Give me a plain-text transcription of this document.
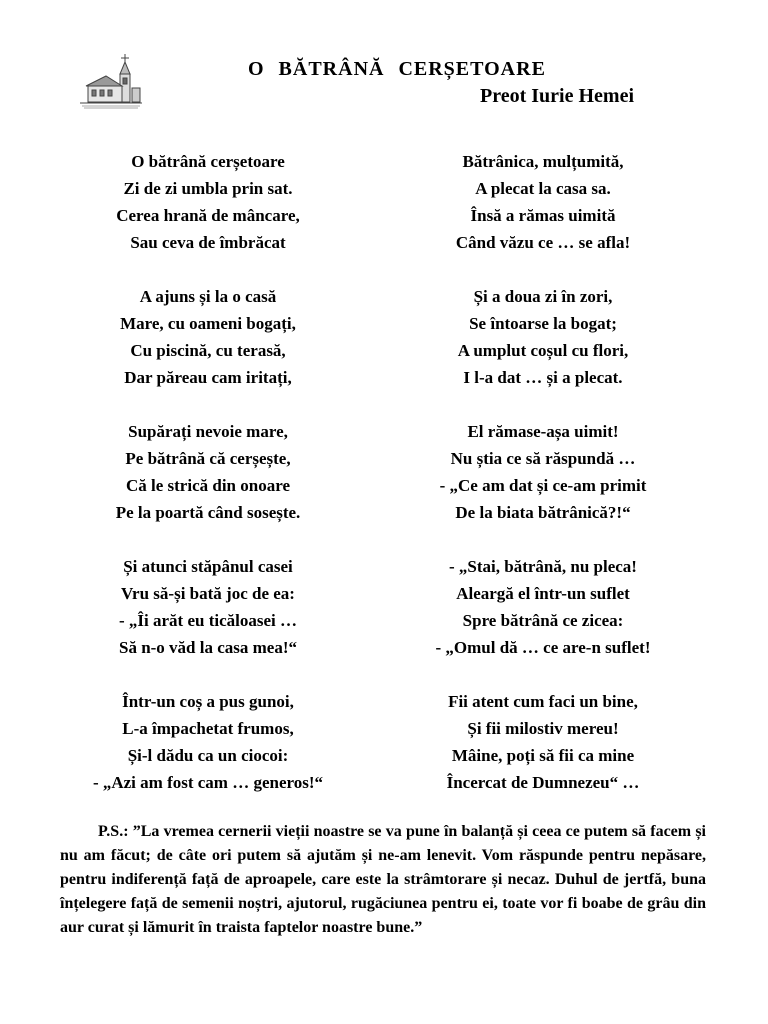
O BĂTRÂNĂ CERȘETOARE
Preot Iurie Hemei
O bătrână cerșetoare
Zi de zi umbla prin sat.
Cerea hrană de mâncare,
Sau ceva de îmbrăcat
A ajuns și la o casă
Mare, cu oameni bogați,
Cu piscină, cu terasă,
Dar păreau cam iritați,
Supărați nevoie mare,
Pe bătrână că cerșește,
Că le strică din onoare
Pe la poartă când sosește.
Și atunci stăpânul casei
Vru să-și bată joc de ea:
- „Îi arăt eu ticăloasei …
Să n-o văd la casa mea!“
Într-un coș a pus gunoi,
L-a împachetat frumos,
Și-l dădu ca un ciocoi:
- „Azi am fost cam … generos!“
Bătrânica, mulțumită,
A plecat la casa sa.
Însă a rămas uimită
Când văzu ce … se afla!
Și a doua zi în zori,
Se întoarse la bogat;
A umplut coșul cu flori,
I l-a dat … și a plecat.
El rămase-așa uimit!
Nu știa ce să răspundă …
- „Ce am dat și ce-am primit
De la biata bătrânică?!“
- „Stai, bătrână, nu pleca!
Aleargă el într-un suflet
Spre bătrână ce zicea:
- „Omul dă … ce are-n suflet!
Fii atent cum faci un bine,
Și fii milostiv mereu!
Mâine, poți să fii ca mine
Încercat de Dumnezeu“ …

P.S.: ”La vremea cernerii vieții noastre se va pune în balanță și ceea ce putem să facem și nu am făcut; de câte ori putem să ajutăm și ne-am lenevit. Vom răspunde pentru nepăsare, pentru indiferență față de aproapele, care este la strâmtorare și necaz. Duhul de jertfă, buna înțelegere față de semenii noștri, ajutorul, rugăciunea pentru ei, toate vor fi boabe de grâu din aur curat și lămurit în traista faptelor noastre bune.”
